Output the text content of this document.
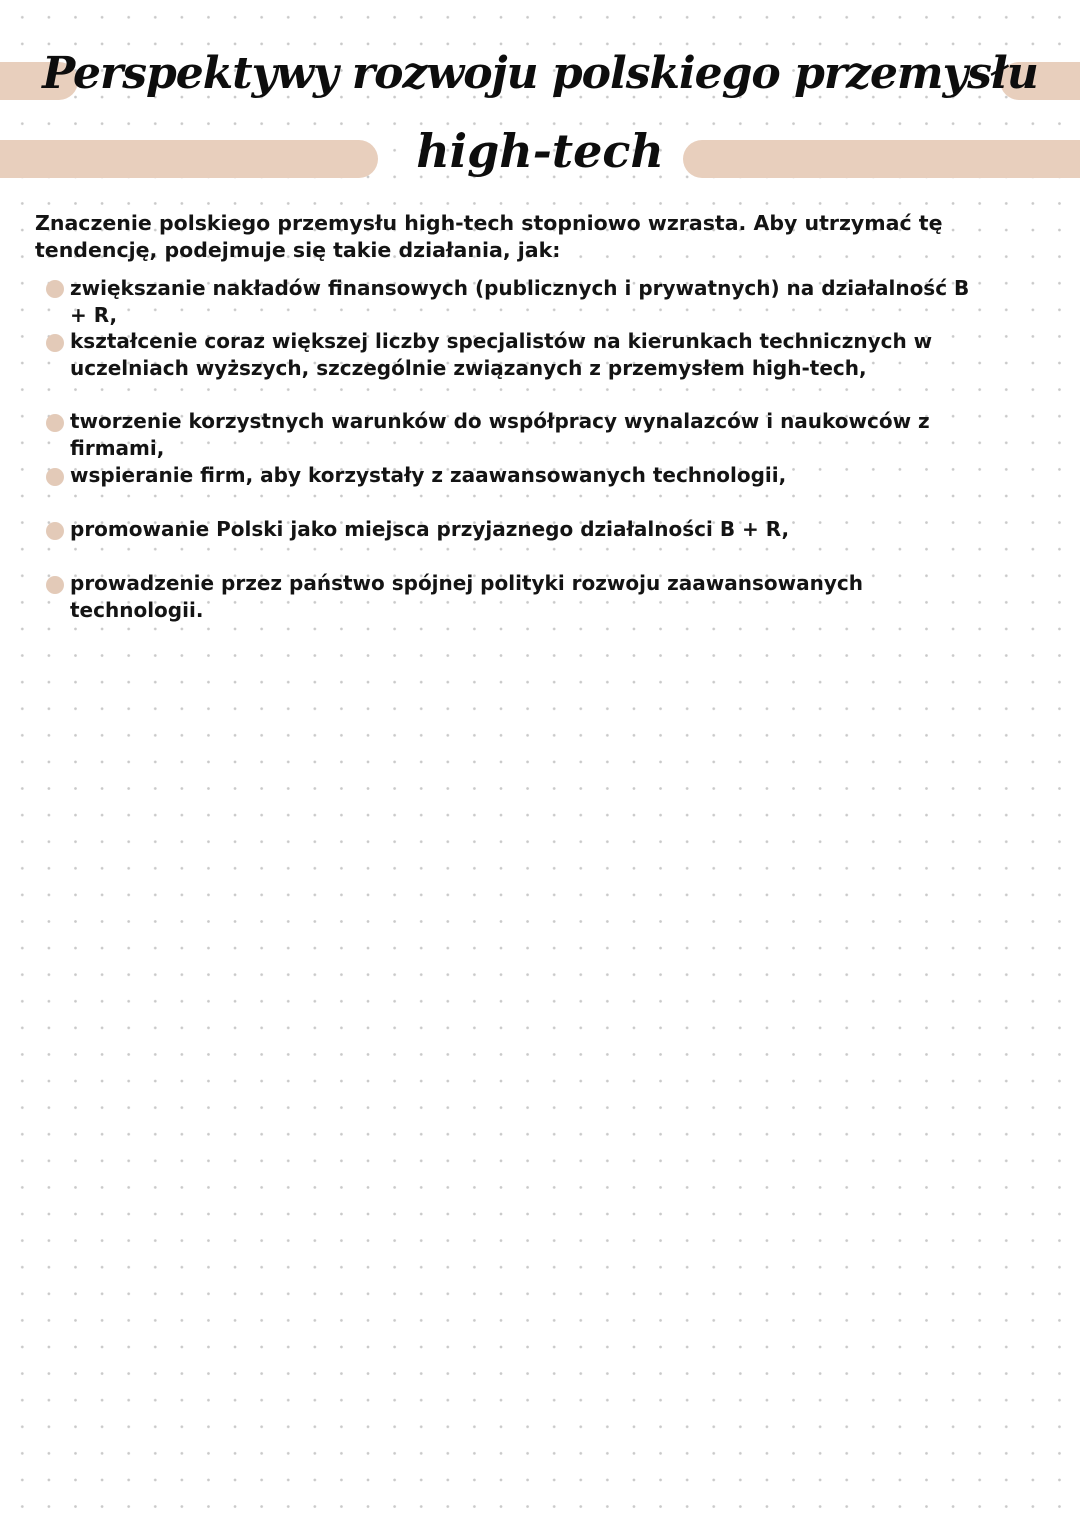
Perspektywy rozwoju polskiego przemysłu
high-tech
Znaczenie polskiego przemysłu high-tech stopniowo wzrasta. Aby utrzymać tę tendencję, podejmuje się takie działania, jak:
zwiększanie nakładów finansowych (publicznych i prywatnych) na działalność B + R,
kształcenie coraz większej liczby specjalistów na kierunkach technicznych w uczelniach wyższych, szczególnie związanych z przemysłem high-tech,
tworzenie korzystnych warunków do współpracy wynalazców i naukowców z firmami,
wspieranie firm, aby korzystały z zaawansowanych technologii,
promowanie Polski jako miejsca przyjaznego działalności B + R,
prowadzenie przez państwo spójnej polityki rozwoju zaawansowanych technologii.
